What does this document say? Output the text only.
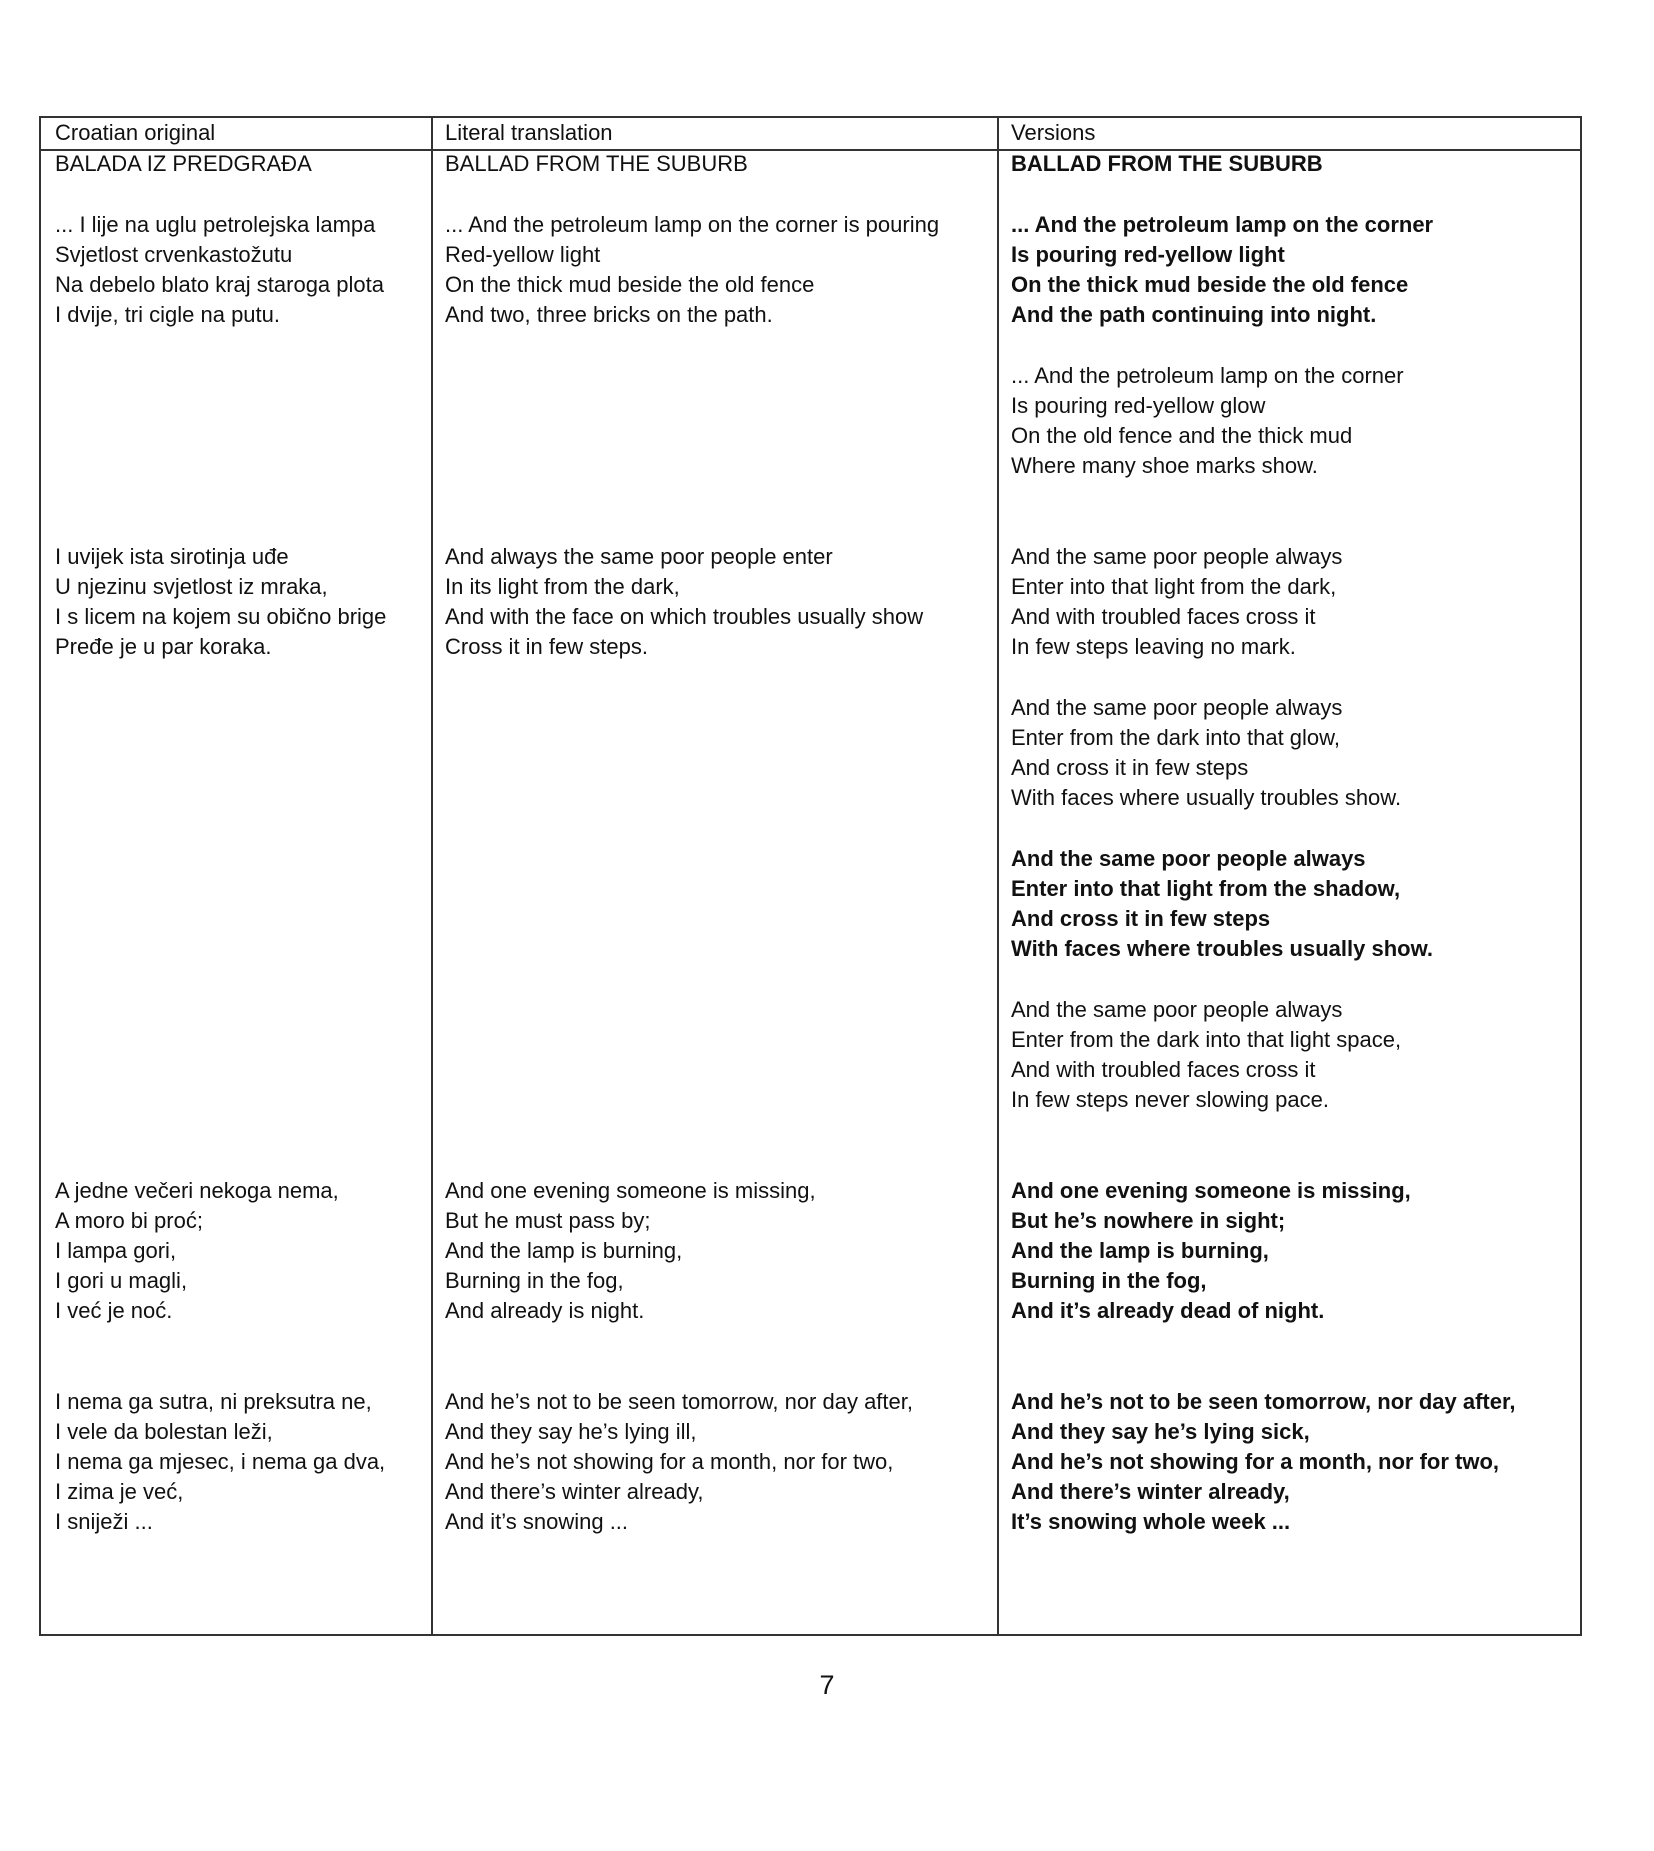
Croatian original
BALADA IZ PREDGRAĐA
... I lije na uglu petrolejska lampa
Svjetlost crvenkastožutu
Na debelo blato kraj staroga plota
I dvije, tri cigle na putu.
I uvijek ista sirotinja uđe
U njezinu svjetlost iz mraka,
I s licem na kojem su obično brige
Pređe je u par koraka.
A jedne večeri nekoga nema,
A moro bi proć;
I lampa gori,
I gori u magli,
I već je noć.
I nema ga sutra, ni preksutra ne,
I vele da bolestan leži,
I nema ga mjesec, i nema ga dva,
I zima je već,
I sniježi ...
Literal translation
BALLAD FROM THE SUBURB
... And the petroleum lamp on the corner is pouring
Red-yellow light
On the thick mud beside the old fence
And two, three bricks on the path.
And always the same poor people enter
In its light from the dark,
And with the face on which troubles usually show
Cross it in few steps.
And one evening someone is missing,
But he must pass by;
And the lamp is burning,
Burning in the fog,
And already is night.
And he’s not to be seen tomorrow, nor day after,
And they say he’s lying ill,
And he’s not showing for a month, nor for two,
And there’s winter already,
And it’s snowing ...
Versions
BALLAD FROM THE SUBURB
... And the petroleum lamp on the corner
Is pouring red-yellow light
On the thick mud beside the old fence
And the path continuing into night.
... And the petroleum lamp on the corner
Is pouring red-yellow glow
On the old fence and the thick mud
Where many shoe marks show.
And the same poor people always
Enter into that light from the dark,
And with troubled faces cross it
In few steps leaving no mark.
And the same poor people always
Enter from the dark into that glow,
And cross it in few steps
With faces where usually troubles show.
And the same poor people always
Enter into that light from the shadow,
And cross it in few steps
With faces where troubles usually show.
And the same poor people always
Enter from the dark into that light space,
And with troubled faces cross it
In few steps never slowing pace.
And one evening someone is missing,
But he’s nowhere in sight;
And the lamp is burning,
Burning in the fog,
And it’s already dead of night.
And he’s not to be seen tomorrow, nor day after,
And they say he’s lying sick,
And he’s not showing for a month, nor for two,
And there’s winter already,
It’s snowing whole week ...
7
